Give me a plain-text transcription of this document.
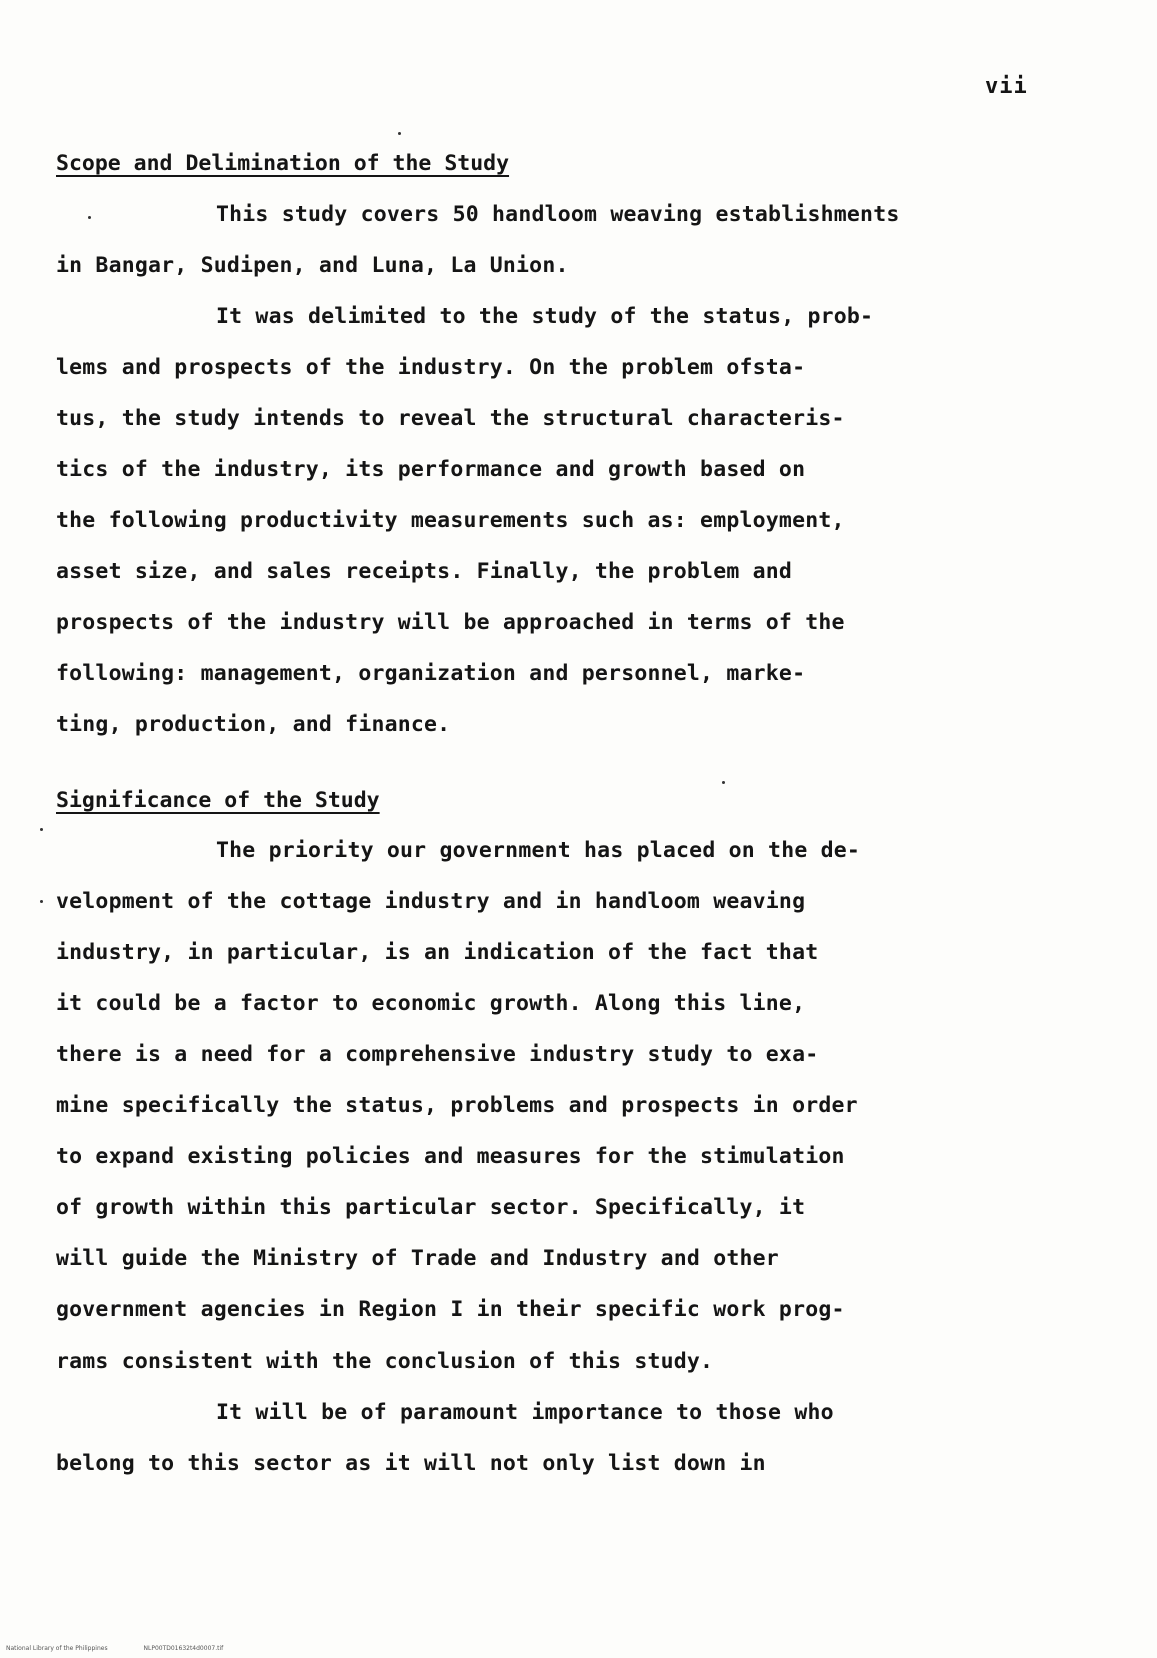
vii
Scope and Delimination of the Study
This study covers 50 handloom weaving establishments
in Bangar, Sudipen, and Luna, La Union.
It was delimited to the study of the status, prob-
lems and prospects of the industry. On the problem ofsta-
tus, the study intends to reveal the structural characteris-
tics of the industry, its performance and growth based on
the following productivity measurements such as: employment,
asset size, and sales receipts. Finally, the problem and
prospects of the industry will be approached in terms of the
following: management, organization and personnel, marke-
ting, production, and finance.
Significance of the Study
The priority our government has placed on the de-
velopment of the cottage industry and in handloom weaving
industry, in particular, is an indication of the fact that
it could be a factor to economic growth. Along this line,
there is a need for a comprehensive industry study to exa-
mine specifically the status, problems and prospects in order
to expand existing policies and measures for the stimulation
of growth within this particular sector. Specifically, it
will guide the Ministry of Trade and Industry and other
government agencies in Region I in their specific work prog-
rams consistent with the conclusion of this study.
It will be of paramount importance to those who
belong to this sector as it will not only list down in
National Library of the Philippines	NLP00TD01632t4d0007.tif
